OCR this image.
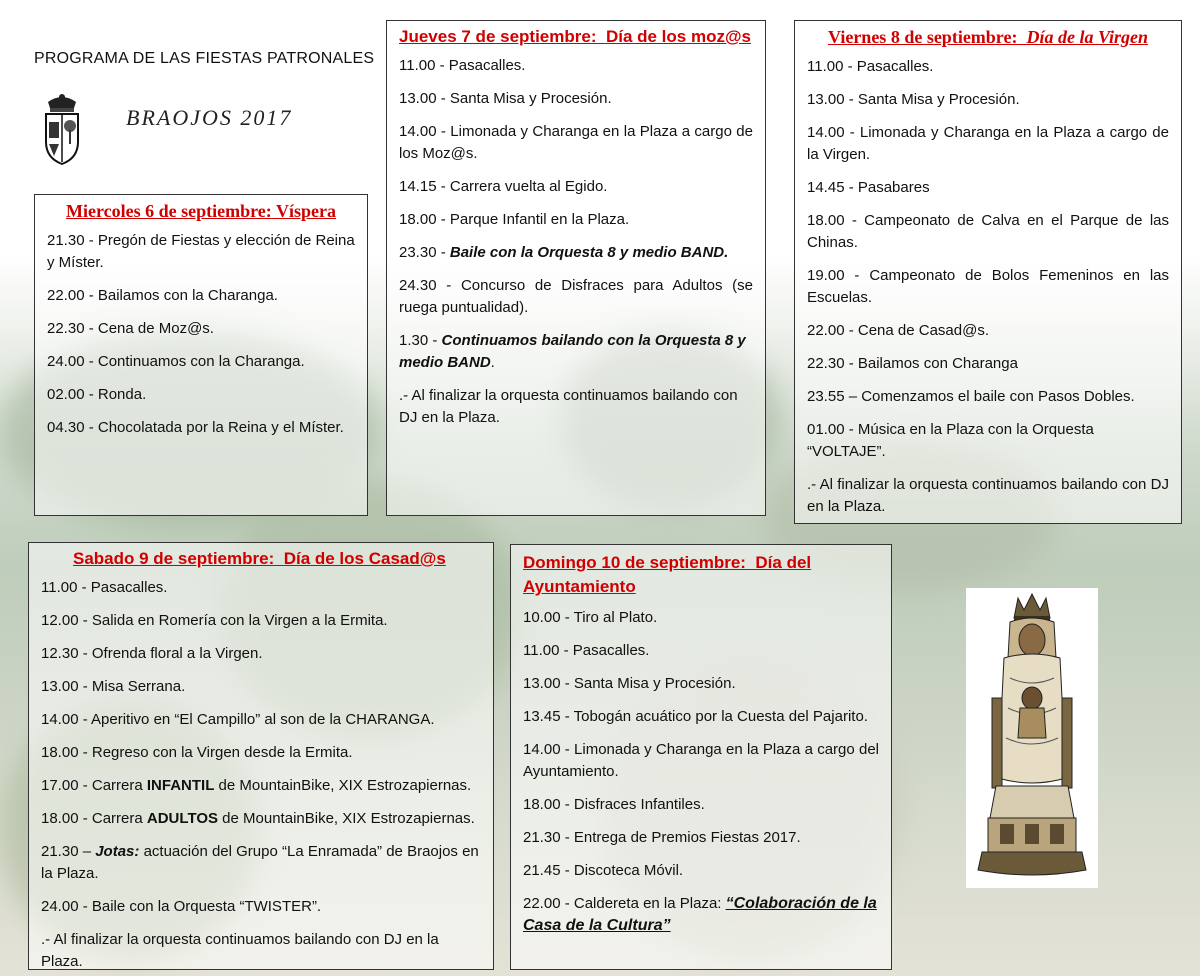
PROGRAMA DE LAS FIESTAS PATRONALES
BRAOJOS 2017
Miercoles 6 de septiembre: Víspera
21.30 - Pregón de Fiestas y elección de Reina y Míster.
22.00 - Bailamos con la Charanga.
22.30 - Cena de Moz@s.
24.00 - Continuamos con la Charanga.
02.00 - Ronda.
04.30 - Chocolatada por la Reina y el Míster.
Jueves 7 de septiembre: Día de los moz@s
11.00 - Pasacalles.
13.00 - Santa Misa y Procesión.
14.00 - Limonada y Charanga en la Plaza a cargo de los Moz@s.
14.15 - Carrera vuelta al Egido.
18.00 - Parque Infantil en la Plaza.
23.30 - Baile con la Orquesta 8 y medio BAND.
24.30 - Concurso de Disfraces para Adultos (se ruega puntualidad).
1.30 - Continuamos bailando con la Orquesta 8 y medio BAND.
.- Al finalizar la orquesta continuamos bailando con DJ en la Plaza.
Viernes 8 de septiembre: Día de la Virgen
11.00 - Pasacalles.
13.00 - Santa Misa y Procesión.
14.00 - Limonada y Charanga en la Plaza a cargo de la Virgen.
14.45 - Pasabares
18.00 - Campeonato de Calva en el Parque de las Chinas.
19.00 - Campeonato de Bolos Femeninos en las Escuelas.
22.00 - Cena de Casad@s.
22.30 - Bailamos con Charanga
23.55 – Comenzamos el baile con Pasos Dobles.
01.00 - Música en la Plaza con la Orquesta “VOLTAJE”.
.- Al finalizar la orquesta continuamos bailando con DJ en la Plaza.
Sabado 9 de septiembre: Día de los Casad@s
11.00 - Pasacalles.
12.00 - Salida en Romería con la Virgen a la Ermita.
12.30 - Ofrenda floral a la Virgen.
13.00 - Misa Serrana.
14.00 - Aperitivo en “El Campillo” al son de la CHARANGA.
18.00 - Regreso con la Virgen desde la Ermita.
17.00 - Carrera INFANTIL de MountainBike, XIX Estrozapiernas.
18.00 - Carrera ADULTOS de MountainBike, XIX Estrozapiernas.
21.30 – Jotas: actuación del Grupo “La Enramada” de Braojos en la Plaza.
24.00 - Baile con la Orquesta “TWISTER”.
.- Al finalizar la orquesta continuamos bailando con DJ en la Plaza.
Domingo 10 de septiembre: Día del Ayuntamiento
10.00 - Tiro al Plato.
11.00 - Pasacalles.
13.00 - Santa Misa y Procesión.
13.45 - Tobogán acuático por la Cuesta del Pajarito.
14.00 - Limonada y Charanga en la Plaza a cargo del Ayuntamiento.
18.00 - Disfraces Infantiles.
21.30 - Entrega de Premios Fiestas 2017.
21.45 - Discoteca Móvil.
22.00 - Caldereta en la Plaza: “Colaboración de la Casa de la Cultura”
